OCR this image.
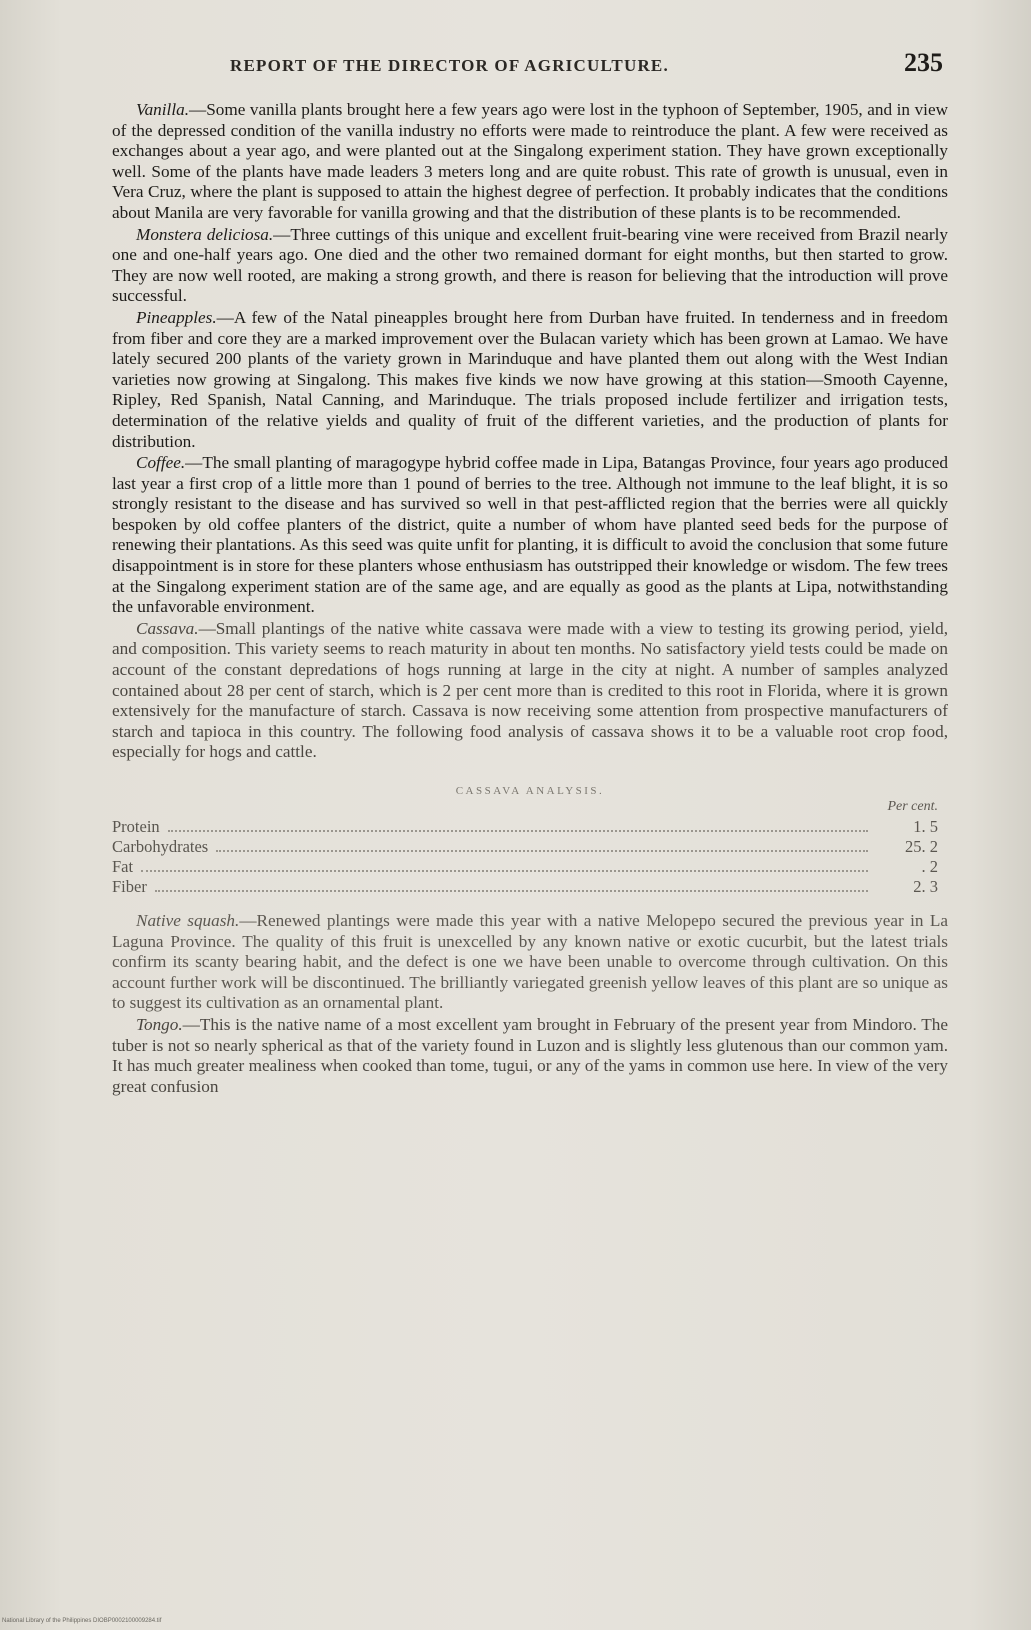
REPORT OF THE DIRECTOR OF AGRICULTURE.	235

Vanilla.—Some vanilla plants brought here a few years ago were lost in the typhoon of September, 1905, and in view of the depressed condition of the vanilla industry no efforts were made to reintroduce the plant. A few were received as exchanges about a year ago, and were planted out at the Singalong experiment station. They have grown exceptionally well. Some of the plants have made leaders 3 meters long and are quite robust. This rate of growth is unusual, even in Vera Cruz, where the plant is supposed to attain the highest degree of perfection. It probably indicates that the conditions about Manila are very favorable for vanilla growing and that the distribution of these plants is to be recommended.

Monstera deliciosa.—Three cuttings of this unique and excellent fruit-bearing vine were received from Brazil nearly one and one-half years ago. One died and the other two remained dormant for eight months, but then started to grow. They are now well rooted, are making a strong growth, and there is reason for believing that the introduction will prove successful.

Pineapples.—A few of the Natal pineapples brought here from Durban have fruited. In tenderness and in freedom from fiber and core they are a marked improvement over the Bulacan variety which has been grown at Lamao. We have lately secured 200 plants of the variety grown in Marinduque and have planted them out along with the West Indian varieties now growing at Singalong. This makes five kinds we now have growing at this station—Smooth Cayenne, Ripley, Red Spanish, Natal Canning, and Marinduque. The trials proposed include fertilizer and irrigation tests, determination of the relative yields and quality of fruit of the different varieties, and the production of plants for distribution.

Coffee.—The small planting of maragogype hybrid coffee made in Lipa, Batangas Province, four years ago produced last year a first crop of a little more than 1 pound of berries to the tree. Although not immune to the leaf blight, it is so strongly resistant to the disease and has survived so well in that pest-afflicted region that the berries were all quickly bespoken by old coffee planters of the district, quite a number of whom have planted seed beds for the purpose of renewing their plantations. As this seed was quite unfit for planting, it is difficult to avoid the conclusion that some future disappointment is in store for these planters whose enthusiasm has outstripped their knowledge or wisdom. The few trees at the Singalong experiment station are of the same age, and are equally as good as the plants at Lipa, notwithstanding the unfavorable environment.

Cassava.—Small plantings of the native white cassava were made with a view to testing its growing period, yield, and composition. This variety seems to reach maturity in about ten months. No satisfactory yield tests could be made on account of the constant depredations of hogs running at large in the city at night. A number of samples analyzed contained about 28 per cent of starch, which is 2 per cent more than is credited to this root in Florida, where it is grown extensively for the manufacture of starch. Cassava is now receiving some attention from prospective manufacturers of starch and tapioca in this country. The following food analysis of cassava shows it to be a valuable root crop food, especially for hogs and cattle.

CASSAVA ANALYSIS.
Per cent.
Protein	1. 5
Carbohydrates	25. 2
Fat	. 2
Fiber	2. 3

Native squash.—Renewed plantings were made this year with a native Melopepo secured the previous year in La Laguna Province. The quality of this fruit is unexcelled by any known native or exotic cucurbit, but the latest trials confirm its scanty bearing habit, and the defect is one we have been unable to overcome through cultivation. On this account further work will be discontinued. The brilliantly variegated greenish yellow leaves of this plant are so unique as to suggest its cultivation as an ornamental plant.

Tongo.—This is the native name of a most excellent yam brought in February of the present year from Mindoro. The tuber is not so nearly spherical as that of the variety found in Luzon and is slightly less glutenous than our common yam. It has much greater mealiness when cooked than tome, tugui, or any of the yams in common use here. In view of the very great confusion

National Library of the Philippines DIOBP0002100009284.tif
